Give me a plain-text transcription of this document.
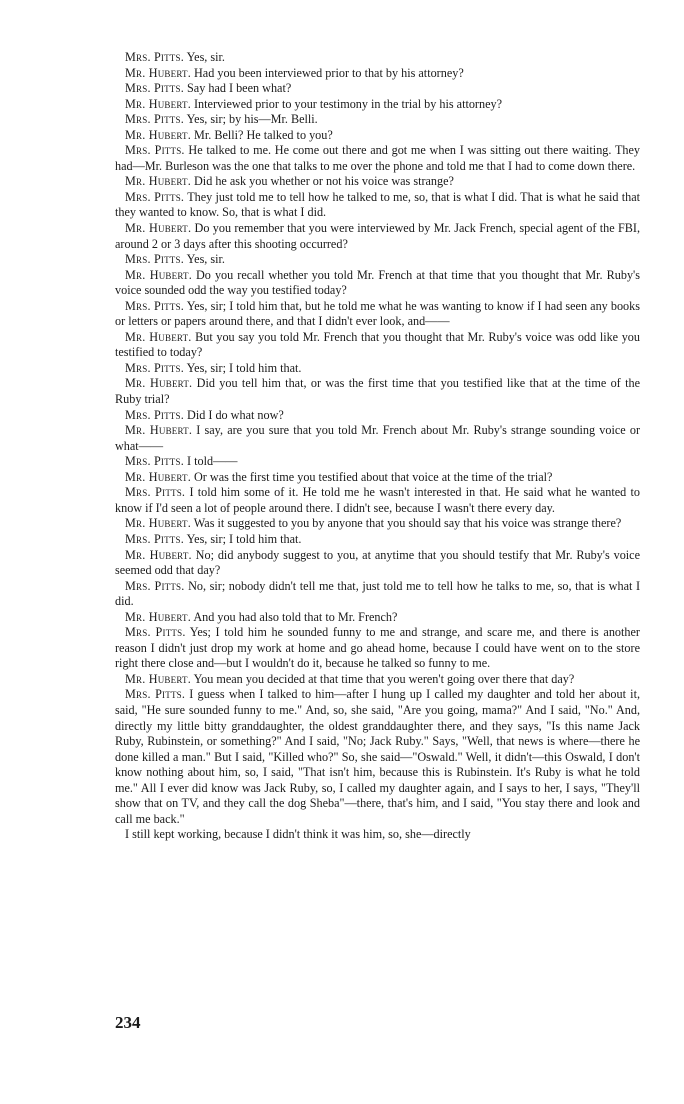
Mrs. Pitts. Yes, sir.

Mr. Hubert. Had you been interviewed prior to that by his attorney?

Mrs. Pitts. Say had I been what?

Mr. Hubert. Interviewed prior to your testimony in the trial by his attorney?

Mrs. Pitts. Yes, sir; by his—Mr. Belli.

Mr. Hubert. Mr. Belli? He talked to you?

Mrs. Pitts. He talked to me. He come out there and got me when I was sitting out there waiting. They had—Mr. Burleson was the one that talks to me over the phone and told me that I had to come down there.

Mr. Hubert. Did he ask you whether or not his voice was strange?

Mrs. Pitts. They just told me to tell how he talked to me, so, that is what I did. That is what he said that they wanted to know. So, that is what I did.

Mr. Hubert. Do you remember that you were interviewed by Mr. Jack French, special agent of the FBI, around 2 or 3 days after this shooting occurred?

Mrs. Pitts. Yes, sir.

Mr. Hubert. Do you recall whether you told Mr. French at that time that you thought that Mr. Ruby's voice sounded odd the way you testified today?

Mrs. Pitts. Yes, sir; I told him that, but he told me what he was wanting to know if I had seen any books or letters or papers around there, and that I didn't ever look, and——

Mr. Hubert. But you say you told Mr. French that you thought that Mr. Ruby's voice was odd like you testified to today?

Mrs. Pitts. Yes, sir; I told him that.

Mr. Hubert. Did you tell him that, or was the first time that you testified like that at the time of the Ruby trial?

Mrs. Pitts. Did I do what now?

Mr. Hubert. I say, are you sure that you told Mr. French about Mr. Ruby's strange sounding voice or what——

Mrs. Pitts. I told——

Mr. Hubert. Or was the first time you testified about that voice at the time of the trial?

Mrs. Pitts. I told him some of it. He told me he wasn't interested in that. He said what he wanted to know if I'd seen a lot of people around there. I didn't see, because I wasn't there every day.

Mr. Hubert. Was it suggested to you by anyone that you should say that his voice was strange there?

Mrs. Pitts. Yes, sir; I told him that.

Mr. Hubert. No; did anybody suggest to you, at anytime that you should testify that Mr. Ruby's voice seemed odd that day?

Mrs. Pitts. No, sir; nobody didn't tell me that, just told me to tell how he talks to me, so, that is what I did.

Mr. Hubert. And you had also told that to Mr. French?

Mrs. Pitts. Yes; I told him he sounded funny to me and strange, and scare me, and there is another reason I didn't just drop my work at home and go ahead home, because I could have went on to the store right there close and—but I wouldn't do it, because he talked so funny to me.

Mr. Hubert. You mean you decided at that time that you weren't going over there that day?

Mrs. Pitts. I guess when I talked to him—after I hung up I called my daughter and told her about it, said, "He sure sounded funny to me." And, so, she said, "Are you going, mama?" And I said, "No." And, directly my little bitty granddaughter, the oldest granddaughter there, and they says, "Is this name Jack Ruby, Rubinstein, or something?" And I said, "No; Jack Ruby." Says, "Well, that news is where—there he done killed a man." But I said, "Killed who?" So, she said—"Oswald." Well, it didn't—this Oswald, I don't know nothing about him, so, I said, "That isn't him, because this is Rubinstein. It's Ruby is what he told me." All I ever did know was Jack Ruby, so, I called my daughter again, and I says to her, I says, "They'll show that on TV, and they call the dog Sheba"—there, that's him, and I said, "You stay there and look and call me back."

I still kept working, because I didn't think it was him, so, she—directly

234
